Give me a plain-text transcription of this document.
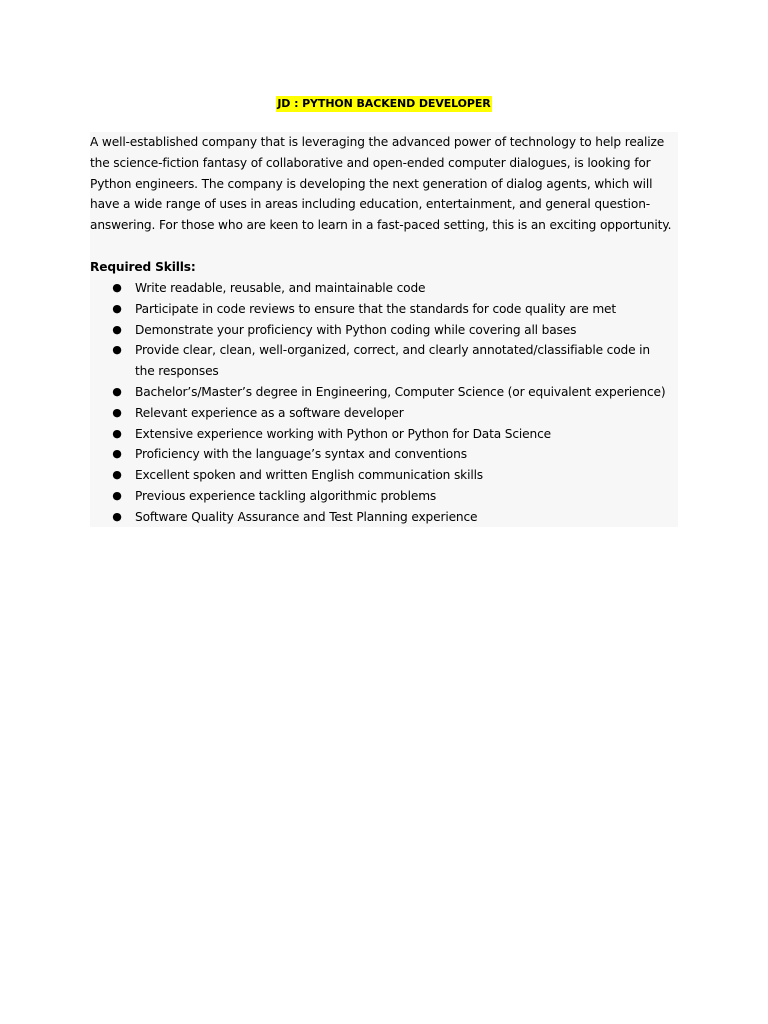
JD : PYTHON BACKEND DEVELOPER

A well-established company that is leveraging the advanced power of technology to help realize the science-fiction fantasy of collaborative and open-ended computer dialogues, is looking for Python engineers. The company is developing the next generation of dialog agents, which will have a wide range of uses in areas including education, entertainment, and general question-answering. For those who are keen to learn in a fast-paced setting, this is an exciting opportunity.

Required Skills:

● Write readable, reusable, and maintainable code
● Participate in code reviews to ensure that the standards for code quality are met
● Demonstrate your proficiency with Python coding while covering all bases
● Provide clear, clean, well-organized, correct, and clearly annotated/classifiable code in the responses
● Bachelor’s/Master’s degree in Engineering, Computer Science (or equivalent experience)
● Relevant experience as a software developer
● Extensive experience working with Python or Python for Data Science
● Proficiency with the language’s syntax and conventions
● Excellent spoken and written English communication skills
● Previous experience tackling algorithmic problems
● Software Quality Assurance and Test Planning experience
